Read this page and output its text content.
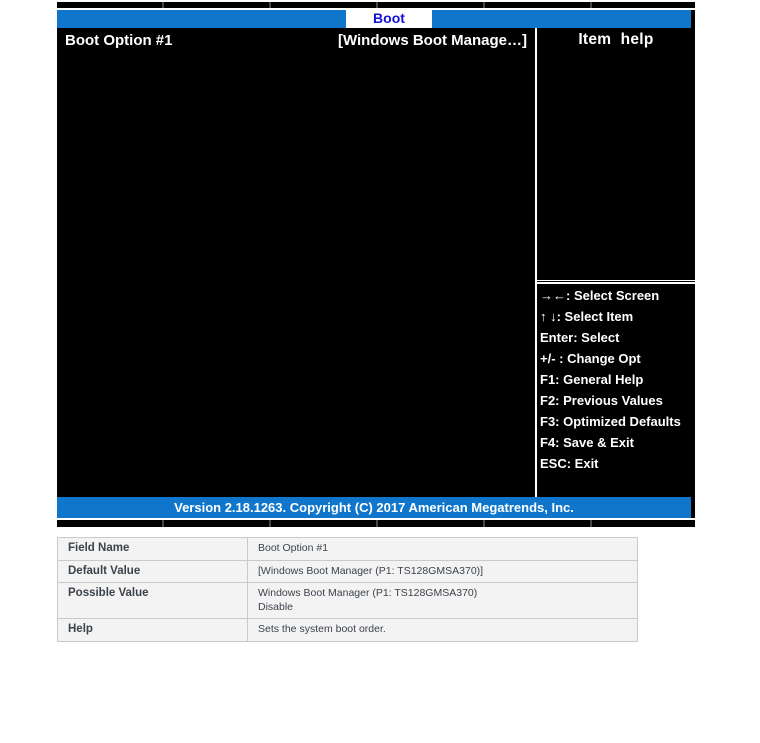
Boot
Boot Option #1	[Windows Boot Manage…]	Item  help
→←: Select Screen
↑ ↓: Select Item
Enter: Select
+/- : Change Opt
F1: General Help
F2: Previous Values
F3: Optimized Defaults
F4: Save & Exit
ESC: Exit
Version 2.18.1263. Copyright (C) 2017 American Megatrends, Inc.
Field Name	Boot Option #1

Default Value	[Windows Boot Manager (P1: TS128GMSA370)]

Possible Value	Windows Boot Manager (P1: TS128GMSA370)
Disable

Help	Sets the system boot order.
